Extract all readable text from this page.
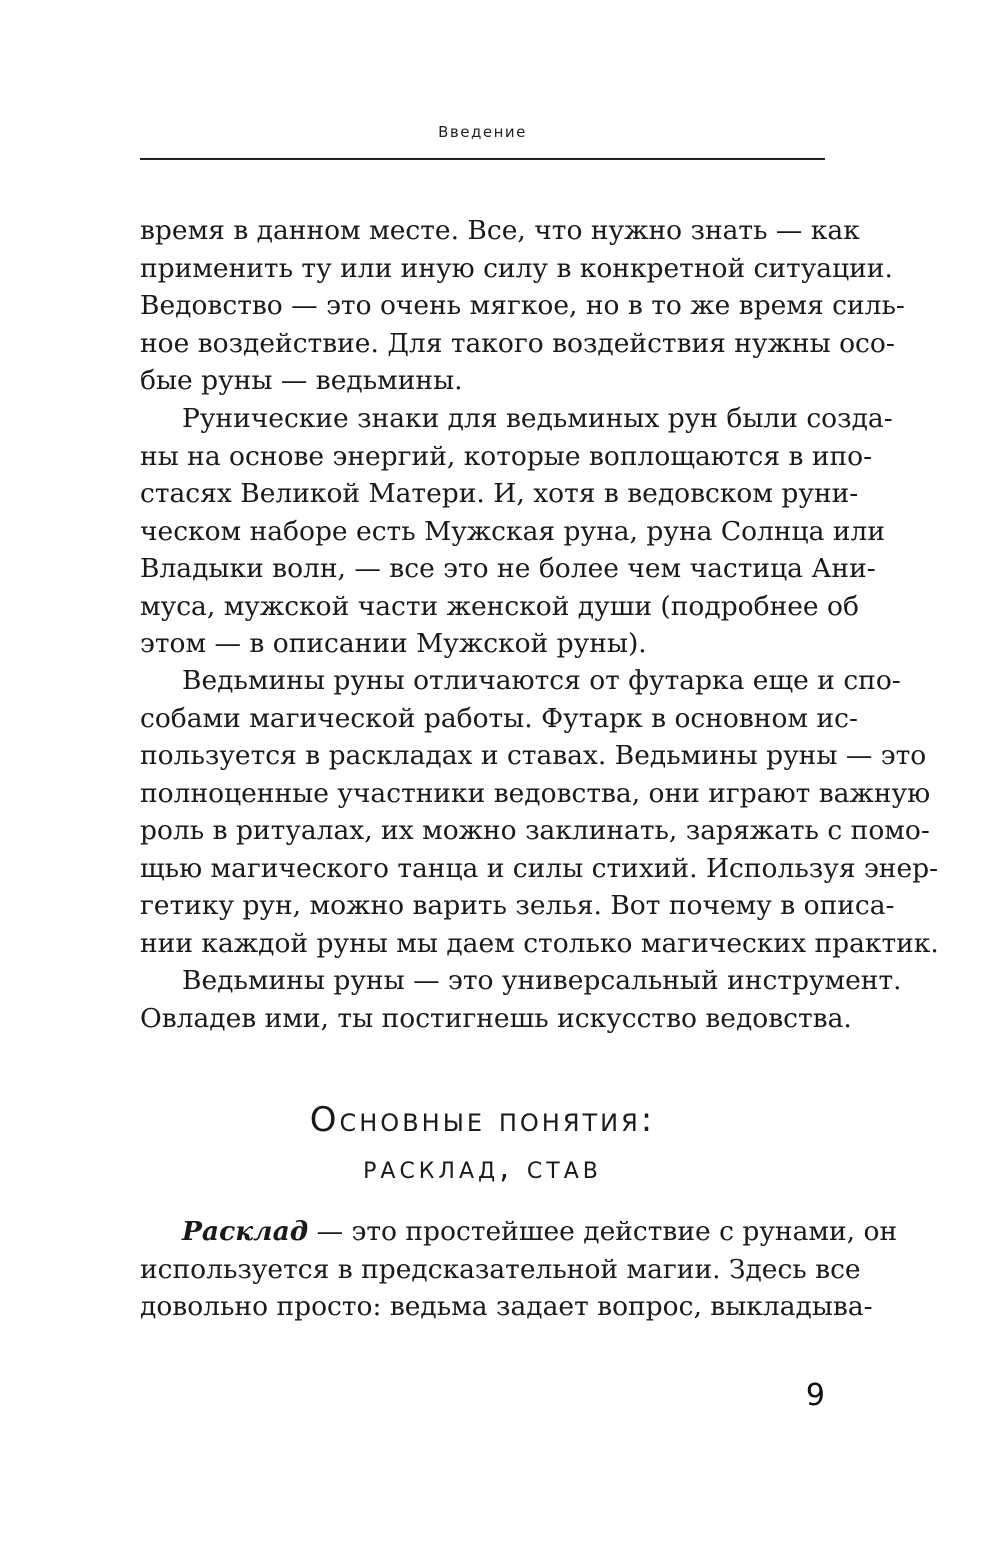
Введение
время в данном месте. Все, что нужно знать — как
применить ту или иную силу в конкретной ситуации.
Ведовство — это очень мягкое, но в то же время силь-
ное воздействие. Для такого воздействия нужны осо-
бые руны — ведьмины.
Рунические знаки для ведьминых рун были созда-
ны на основе энергий, которые воплощаются в ипо-
стасях Великой Матери. И, хотя в ведовском руни-
ческом наборе есть Мужская руна, руна Солнца или
Владыки волн, — все это не более чем частица Ани-
муса, мужской части женской души (подробнее об
этом — в описании Мужской руны).
Ведьмины руны отличаются от футарка еще и спо-
собами магической работы. Футарк в основном ис-
пользуется в раскладах и ставах. Ведьмины руны — это
полноценные участники ведовства, они играют важную
роль в ритуалах, их можно заклинать, заряжать с помо-
щью магического танца и силы стихий. Используя энер-
гетику рун, можно варить зелья. Вот почему в описа-
нии каждой руны мы даем столько магических практик.
Ведьмины руны — это универсальный инструмент.
Овладев ими, ты постигнешь искусство ведовства.
Основные понятия:
расклад, став
Расклад — это простейшее действие с рунами, он
используется в предсказательной магии. Здесь все
довольно просто: ведьма задает вопрос, выкладыва-
9
